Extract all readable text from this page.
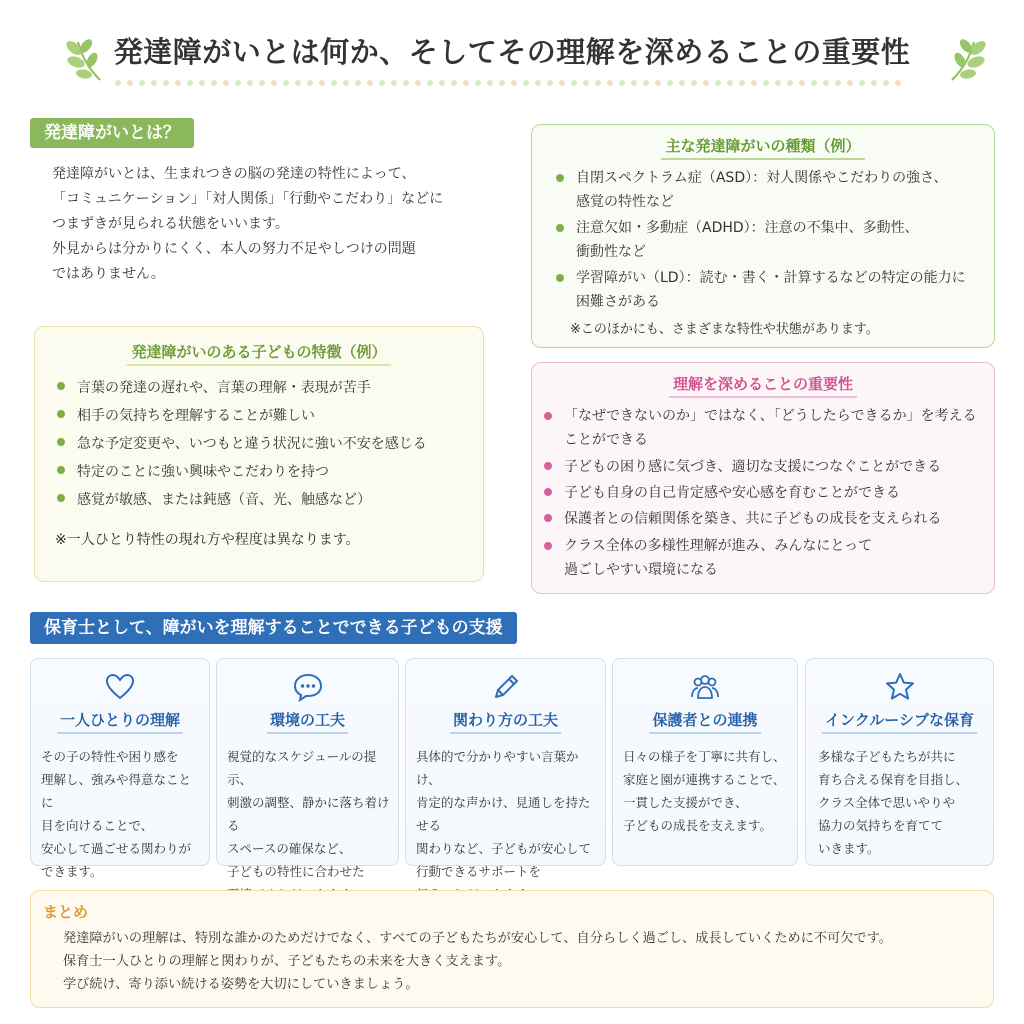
発達障がいとは何か、そしてその理解を深めることの重要性
発達障がいとは？
発達障がいとは、生まれつきの脳の発達の特性によって、
「コミュニケーション」「対人関係」「行動やこだわり」などに
つまずきが見られる状態をいいます。
外見からは分かりにくく、本人の努力不足やしつけの問題
ではありません。
主な発達障がいの種類（例）
自閉スペクトラム症（ASD）：対人関係やこだわりの強さ、
感覚の特性など
注意欠如・多動症（ADHD）：注意の不集中、多動性、
衝動性など
学習障がい（LD）：読む・書く・計算するなどの特定の能力に
困難さがある
※このほかにも、さまざまな特性や状態があります。
発達障がいのある子どもの特徴（例）
言葉の発達の遅れや、言葉の理解・表現が苦手
相手の気持ちを理解することが難しい
急な予定変更や、いつもと違う状況に強い不安を感じる
特定のことに強い興味やこだわりを持つ
感覚が敏感、または鈍感（音、光、触感など）
※一人ひとり特性の現れ方や程度は異なります。
理解を深めることの重要性
「なぜできないのか」ではなく、「どうしたらできるか」を考える
ことができる
子どもの困り感に気づき、適切な支援につなぐことができる
子ども自身の自己肯定感や安心感を育むことができる
保護者との信頼関係を築き、共に子どもの成長を支えられる
クラス全体の多様性理解が進み、みんなにとって
過ごしやすい環境になる
保育士として、障がいを理解することでできる子どもの支援
一人ひとりの理解
その子の特性や困り感を
理解し、強みや得意なことに
目を向けることで、
安心して過ごせる関わりが
できます。
環境の工夫
視覚的なスケジュールの提示、
刺激の調整、静かに落ち着ける
スペースの確保など、
子どもの特性に合わせた
関わり方の工夫
具体的で分かりやすい言葉かけ、
肯定的な声かけ、見通しを持たせる
関わりなど、子どもが安心して
行動できるサポートを
保護者との連携
日々の様子を丁寧に共有し、
家庭と園が連携することで、
一貫した支援ができ、
子どもの成長を支えます。
インクルーシブな保育
多様な子どもたちが共に
育ち合える保育を目指し、
クラス全体で思いやりや
協力の気持ちを育てて
いきます。
まとめ
発達障がいの理解は、特別な誰かのためだけでなく、すべての子どもたちが安心して、自分らしく過ごし、成長していくために不可欠です。
保育士一人ひとりの理解と関わりが、子どもたちの未来を大きく支えます。
学び続け、寄り添い続ける姿勢を大切にしていきましょう。
